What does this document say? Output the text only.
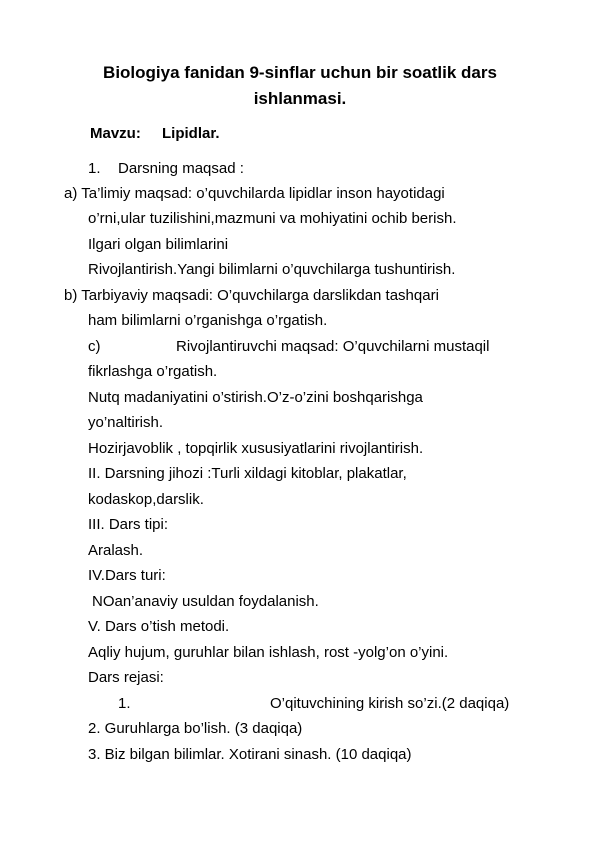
Biologiya fanidan 9-sinflar uchun bir soatlik dars
ishlanmasi.
Mavzu: Lipidlar.
1. Darsning maqsad :
a) Ta’limiy maqsad: o’quvchilarda lipidlar inson hayotidagi
o’rni,ular tuzilishini,mazmuni va mohiyatini ochib berish.
Ilgari olgan bilimlarini
Rivojlantirish.Yangi bilimlarni o’quvchilarga tushuntirish.
b) Tarbiyaviy maqsadi: O’quvchilarga darslikdan tashqari
ham bilimlarni o’rganishga o’rgatish.
c)	Rivojlantiruvchi maqsad: O’quvchilarni mustaqil
fikrlashga o’rgatish.
Nutq madaniyatini o’stirish.O’z-o’zini boshqarishga
yo’naltirish.
Hozirjavoblik , topqirlik xususiyatlarini rivojlantirish.
II. Darsning jihozi :Turli xildagi kitoblar, plakatlar,
kodaskop,darslik.
III. Dars tipi:
Aralash.
IV.Dars turi:
NOan’anaviy usuldan foydalanish.
V. Dars o’tish metodi.
Aqliy hujum, guruhlar bilan ishlash, rost -yolg’on o’yini.
Dars rejasi:
1.	O’qituvchining kirish so’zi.(2 daqiqa)
2. Guruhlarga bo’lish. (3 daqiqa)
3. Biz bilgan bilimlar. Xotirani sinash. (10 daqiqa)
